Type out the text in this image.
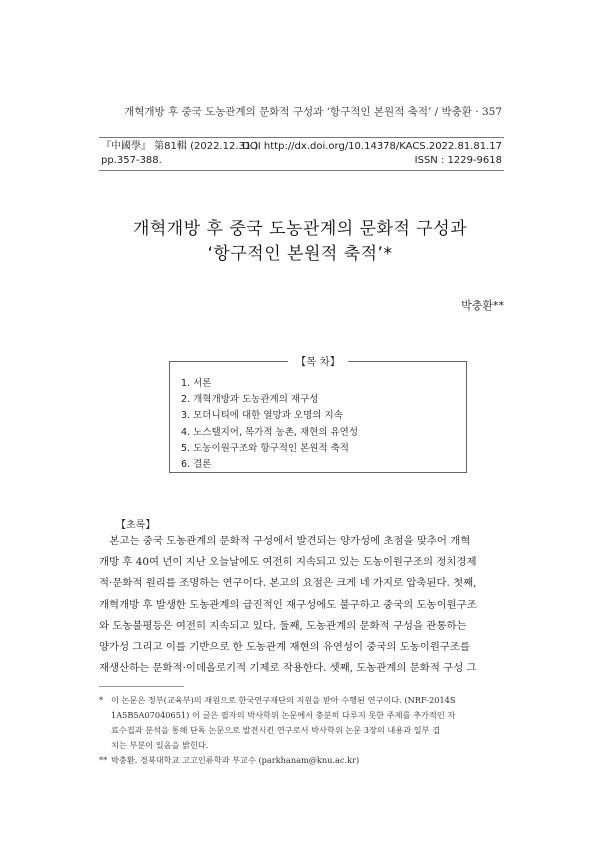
개혁개방 후 중국 도농관계의 문화적 구성과 ‘항구적인 본원적 축적’ / 박충환 · 357
『中國學』 第81輯 (2022.12.31.)
DOI http://dx.doi.org/10.14378/KACS.2022.81.81.17
pp.357-388.	ISSN : 1229-9618
개혁개방 후 중국 도농관계의 문화적 구성과
‘항구적인 본원적 축적’*
박충환**
【목 차】
1. 서론
2. 개혁개방과 도농관계의 재구성
3. 모더니티에 대한 열망과 오명의 지속
4. 노스탤지어, 목가적 농촌, 재현의 유연성
5. 도농이원구조와 항구적인 본원적 축적
6. 결론
【초록】
　본고는 중국 도농관계의 문화적 구성에서 발견되는 양가성에 초점을 맞추어 개혁
개방 후 40여 년이 지난 오늘날에도 여전히 지속되고 있는 도농이원구조의 정치경제
적·문화적 원리를 조명하는 연구이다. 본고의 요점은 크게 네 가지로 압축된다. 첫째,
개혁개방 후 발생한 도농관계의 급진적인 재구성에도 불구하고 중국의 도농이원구조
와 도농불평등은 여전히 지속되고 있다. 둘째, 도농관계의 문화적 구성을 관통하는
양가성 그리고 이를 기반으로 한 도농관계 재현의 유연성이 중국의 도농이원구조를
재생산하는 문화적·이데올로기적 기제로 작용한다. 셋째, 도농관계의 문화적 구성 그
* 이 논문은 정부(교육부)의 재원으로 한국연구재단의 지원을 받아 수행된 연구이다. (NRF-2014S
1A5B5A07040651) 이 글은 필자의 박사학위 논문에서 충분히 다루지 못한 주제를 추가적인 자
료수집과 분석을 통해 단독 논문으로 발전시킨 연구로서 박사학위 논문 3장의 내용과 일부 겹
치는 부분이 있음을 밝힌다.
** 박충환. 경북대학교 고고인류학과 부교수 (parkhanam@knu.ac.kr)
